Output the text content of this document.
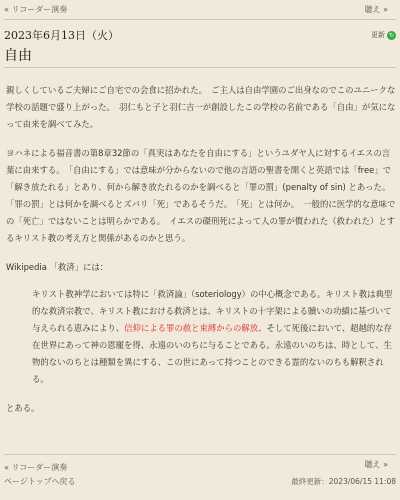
« リコーダー演奏	聴え »
2023年6月13日（火）	更新 ↻
自由

親しくしているご夫婦にご自宅での会食に招かれた。　ご主人は自由学園のご出身なのでこのユニークな学校の話題で盛り上がった。　羽仁もと子と羽仁吉一が創設したこの学校の名前である「自由」が気になって由来を調べてみた。

ヨハネによる福音書の第8章32節の「真実はあなたを自由にする」というユダヤ人に対するイエスの言葉に由来する。　「自由にする」では意味が分からないので他の言語の聖書を開くと英語では「free」で「解き放たれる」とあり、何から解き放たれるのかを調べると「罪の罰」(penalty of sin) とあった。　「罪の罰」とは何かを調べるとズバリ「死」であるそうだ。　「死」とは何か。　一般的に医学的な意味での「死亡」ではないことは明らかである。　イエスの磔刑死によって人の罪が償われた（救われた）とするキリスト教の考え方と関係があるのかと思う。

Wikipedia 「救済」には：

キリスト教神学においては特に「救済論」（soteriology）の中心概念である。キリスト教は典型的な救済宗教で、キリスト教における救済とは、キリストの十字架による贖いの功績に基づいて与えられる恵みにより、信仰による罪の赦と束縛からの解放、そして死後において、超越的な存在世界にあって神の恩寵を得、永遠のいのちに与ることである。永遠のいのちは、時として、生物的ないのちとは種類を異にする、この世にあって持つことのできる霊的ないのちも解釈される。

とある。

« リコーダー演奏	聴え »
ページトップへ戻る	最終更新：2023/06/15 11:08
